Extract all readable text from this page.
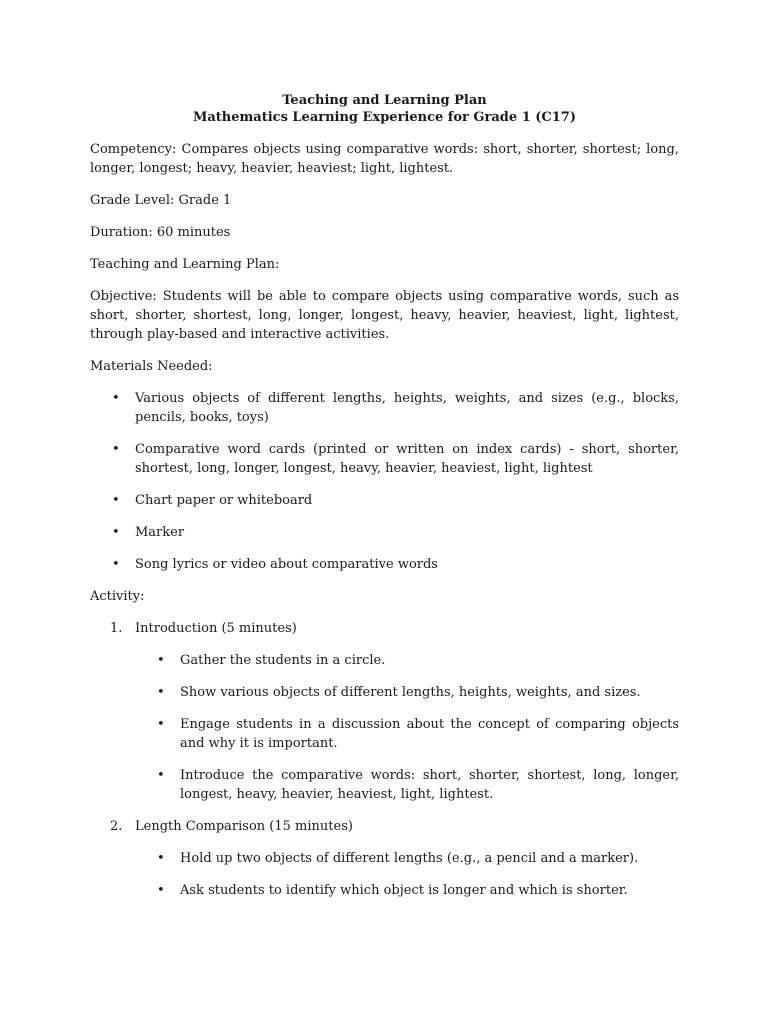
Teaching and Learning Plan

Mathematics Learning Experience for Grade 1 (C17)

Competency: Compares objects using comparative words: short, shorter, shortest; long, longer, longest; heavy, heavier, heaviest; light, lightest.

Grade Level: Grade 1

Duration: 60 minutes

Teaching and Learning Plan:

Objective: Students will be able to compare objects using comparative words, such as short, shorter, shortest, long, longer, longest, heavy, heavier, heaviest, light, lightest, through play-based and interactive activities.

Materials Needed:

• Various objects of different lengths, heights, weights, and sizes (e.g., blocks, pencils, books, toys)
• Comparative word cards (printed or written on index cards) - short, shorter, shortest, long, longer, longest, heavy, heavier, heaviest, light, lightest
• Chart paper or whiteboard
• Marker
• Song lyrics or video about comparative words

Activity:

1. Introduction (5 minutes)
• Gather the students in a circle.
• Show various objects of different lengths, heights, weights, and sizes.
• Engage students in a discussion about the concept of comparing objects and why it is important.
• Introduce the comparative words: short, shorter, shortest, long, longer, longest, heavy, heavier, heaviest, light, lightest.
2. Length Comparison (15 minutes)
• Hold up two objects of different lengths (e.g., a pencil and a marker).
• Ask students to identify which object is longer and which is shorter.
